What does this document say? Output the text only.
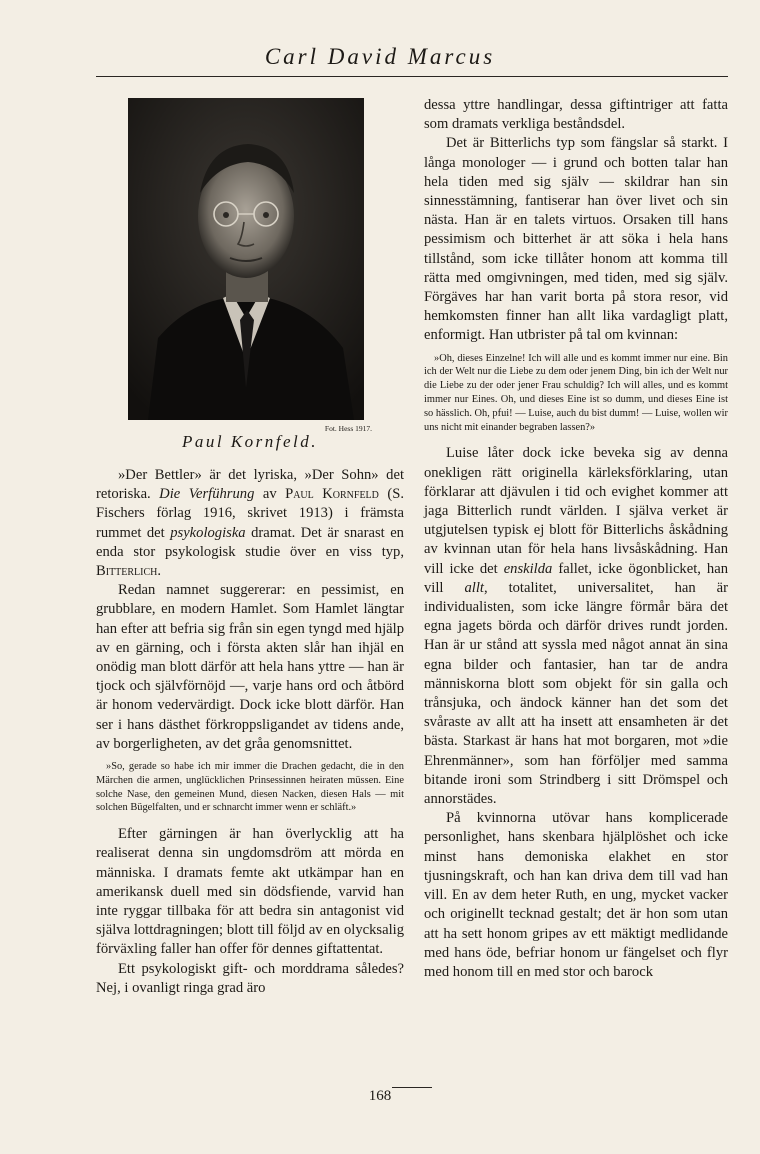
Carl David Marcus
Fot. Hess 1917.
Paul Kornfeld.

»Der Bettler» är det lyriska, »Der Sohn» det retoriska. Die Verführung av Paul Kornfeld (S. Fischers förlag 1916, skrivet 1913) i främsta rummet det psykologiska dramat. Det är snarast en enda stor psykologisk studie över en viss typ, Bitterlich.

Redan namnet suggererar: en pessimist, en grubblare, en modern Hamlet. Som Hamlet längtar han efter att befria sig från sin egen tyngd med hjälp av en gärning, och i första akten slår han ihjäl en onödig man blott därför att hela hans yttre — han är tjock och självförnöjd —, varje hans ord och åtbörd är honom vedervärdigt. Dock icke blott därför. Han ser i hans dästhet förkroppsligandet av tidens ande, av borgerligheten, av det gråa genomsnittet.

»So, gerade so habe ich mir immer die Drachen gedacht, die in den Märchen die armen, unglücklichen Prinsessinnen heiraten müssen. Eine solche Nase, den gemeinen Mund, diesen Nacken, diesen Hals — mit solchen Bügelfalten, und er schnarcht immer wenn er schläft.»

Efter gärningen är han överlycklig att ha realiserat denna sin ungdomsdröm att mörda en människa. I dramats femte akt utkämpar han en amerikansk duell med sin dödsfiende, varvid han inte ryggar tillbaka för att bedra sin antagonist vid själva lottdragningen; blott till följd av en olycksalig förväxling faller han offer för dennes giftattentat.

Ett psykologiskt gift- och morddrama således? Nej, i ovanligt ringa grad äro

dessa yttre handlingar, dessa giftintriger att fatta som dramats verkliga beståndsdel.

Det är Bitterlichs typ som fängslar så starkt. I långa monologer — i grund och botten talar han hela tiden med sig själv — skildrar han sin sinnesstämning, fantiserar han över livet och sin nästa. Han är en talets virtuos. Orsaken till hans pessimism och bitterhet är att söka i hela hans tillstånd, som icke tillåter honom att komma till rätta med omgivningen, med tiden, med sig själv. Förgäves har han varit borta på stora resor, vid hemkomsten finner han allt lika vardagligt platt, enformigt. Han utbrister på tal om kvinnan:

»Oh, dieses Einzelne! Ich will alle und es kommt immer nur eine. Bin ich der Welt nur die Liebe zu dem oder jenem Ding, bin ich der Welt nur die Liebe zu der oder jener Frau schuldig? Ich will alles, und es kommt immer nur Eines. Oh, und dieses Eine ist so dumm, und dieses Eine ist so hässlich. Oh, pfui! — Luise, auch du bist dumm! — Luise, wollen wir uns nicht mit einander begraben lassen?»

Luise låter dock icke beveka sig av denna onekligen rätt originella kärleksförklaring, utan förklarar att djävulen i tid och evighet kommer att jaga Bitterlich rundt världen. I själva verket är utgjutelsen typisk ej blott för Bitterlichs åskådning av kvinnan utan för hela hans livsåskådning. Han vill icke det enskilda fallet, icke ögonblicket, han vill allt, totalitet, universalitet, han är individualisten, som icke längre förmår bära det egna jagets börda och därför drives rundt jorden. Han är ur stånd att syssla med något annat än sina egna bilder och fantasier, han tar de andra människorna blott som objekt för sin galla och trånsjuka, och ändock känner han det som det svåraste av allt att ha insett att ensamheten är det bästa. Starkast är hans hat mot borgaren, mot »die Ehrenmänner», som han förföljer med samma bitande ironi som Strindberg i sitt Drömspel och annorstädes.

På kvinnorna utövar hans komplicerade personlighet, hans skenbara hjälplöshet och icke minst hans demoniska elakhet en stor tjusningskraft, och han kan driva dem till vad han vill. En av dem heter Ruth, en ung, mycket vacker och originellt tecknad gestalt; det är hon som utan att ha sett honom gripes av ett mäktigt medlidande med hans öde, befriar honom ur fängelset och flyr med honom till en med stor och barock

168
